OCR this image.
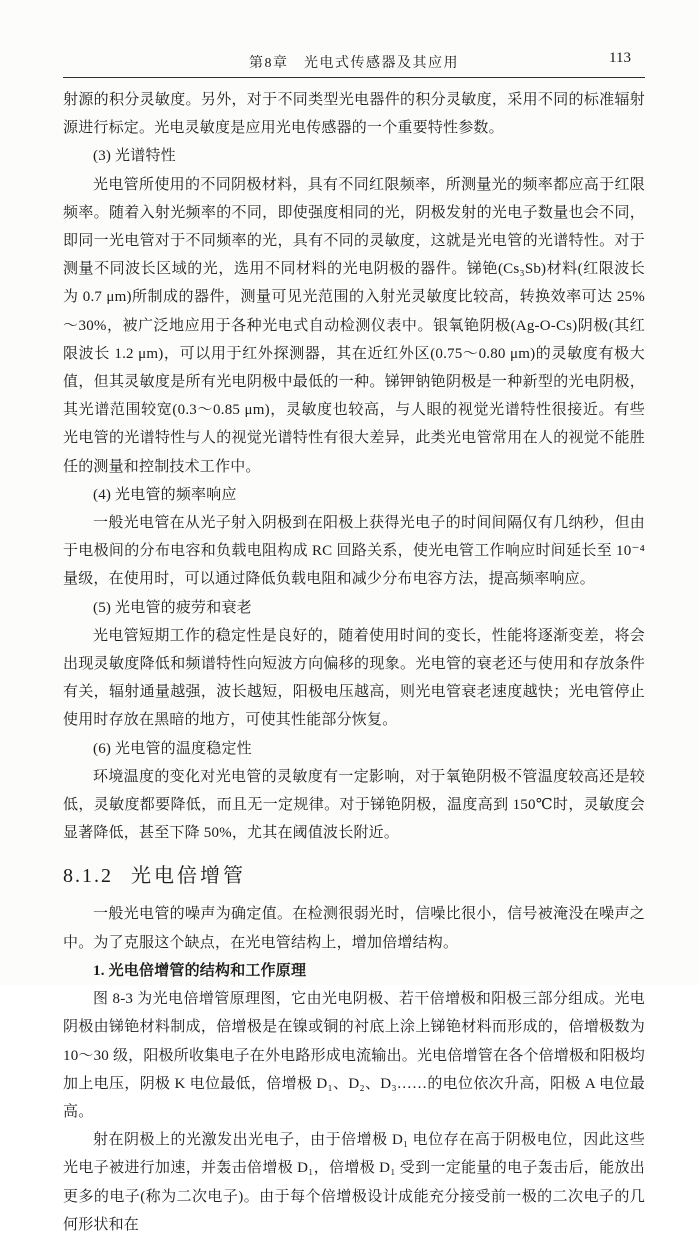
第8章　光电式传感器及其应用	113

射源的积分灵敏度。另外，对于不同类型光电器件的积分灵敏度，采用不同的标准辐射源进行标定。光电灵敏度是应用光电传感器的一个重要特性参数。

(3) 光谱特性

光电管所使用的不同阴极材料，具有不同红限频率，所测量光的频率都应高于红限频率。随着入射光频率的不同，即使强度相同的光，阴极发射的光电子数量也会不同，即同一光电管对于不同频率的光，具有不同的灵敏度，这就是光电管的光谱特性。对于测量不同波长区域的光，选用不同材料的光电阴极的器件。锑铯(Cs₃Sb)材料(红限波长为 0.7 μm)所制成的器件，测量可见光范围的入射光灵敏度比较高，转换效率可达 25%～30%，被广泛地应用于各种光电式自动检测仪表中。银氧铯阴极(Ag-O-Cs)阴极(其红限波长 1.2 μm)，可以用于红外探测器，其在近红外区(0.75～0.80 μm)的灵敏度有极大值，但其灵敏度是所有光电阴极中最低的一种。锑钾钠铯阴极是一种新型的光电阴极，其光谱范围较宽(0.3～0.85 μm)，灵敏度也较高，与人眼的视觉光谱特性很接近。有些光电管的光谱特性与人的视觉光谱特性有很大差异，此类光电管常用在人的视觉不能胜任的测量和控制技术工作中。

(4) 光电管的频率响应

一般光电管在从光子射入阴极到在阳极上获得光电子的时间间隔仅有几纳秒，但由于电极间的分布电容和负载电阻构成 RC 回路关系，使光电管工作响应时间延长至 10⁻⁴量级，在使用时，可以通过降低负载电阻和减少分布电容方法，提高频率响应。

(5) 光电管的疲劳和衰老

光电管短期工作的稳定性是良好的，随着使用时间的变长，性能将逐渐变差，将会出现灵敏度降低和频谱特性向短波方向偏移的现象。光电管的衰老还与使用和存放条件有关，辐射通量越强，波长越短，阳极电压越高，则光电管衰老速度越快；光电管停止使用时存放在黑暗的地方，可使其性能部分恢复。

(6) 光电管的温度稳定性

环境温度的变化对光电管的灵敏度有一定影响，对于氧铯阴极不管温度较高还是较低，灵敏度都要降低，而且无一定规律。对于锑铯阴极，温度高到 150℃时，灵敏度会显著降低，甚至下降 50%，尤其在阈值波长附近。

8.1.2 光电倍增管

一般光电管的噪声为确定值。在检测很弱光时，信噪比很小，信号被淹没在噪声之中。为了克服这个缺点，在光电管结构上，增加倍增结构。

1. 光电倍增管的结构和工作原理

图 8-3 为光电倍增管原理图，它由光电阴极、若干倍增极和阳极三部分组成。光电阴极由锑铯材料制成，倍增极是在镍或铜的衬底上涂上锑铯材料而形成的，倍增极数为 10～30 级，阳极所收集电子在外电路形成电流输出。光电倍增管在各个倍增极和阳极均加上电压，阴极 K 电位最低，倍增极 D₁、D₂、D₃……的电位依次升高，阳极 A 电位最高。

射在阴极上的光激发出光电子，由于倍增极 D₁ 电位存在高于阴极电位，因此这些光电子被进行加速，并轰击倍增极 D₁，倍增极 D₁ 受到一定能量的电子轰击后，能放出更多的电子(称为二次电子)。由于每个倍增极设计成能充分接受前一极的二次电子的几何形状和在
